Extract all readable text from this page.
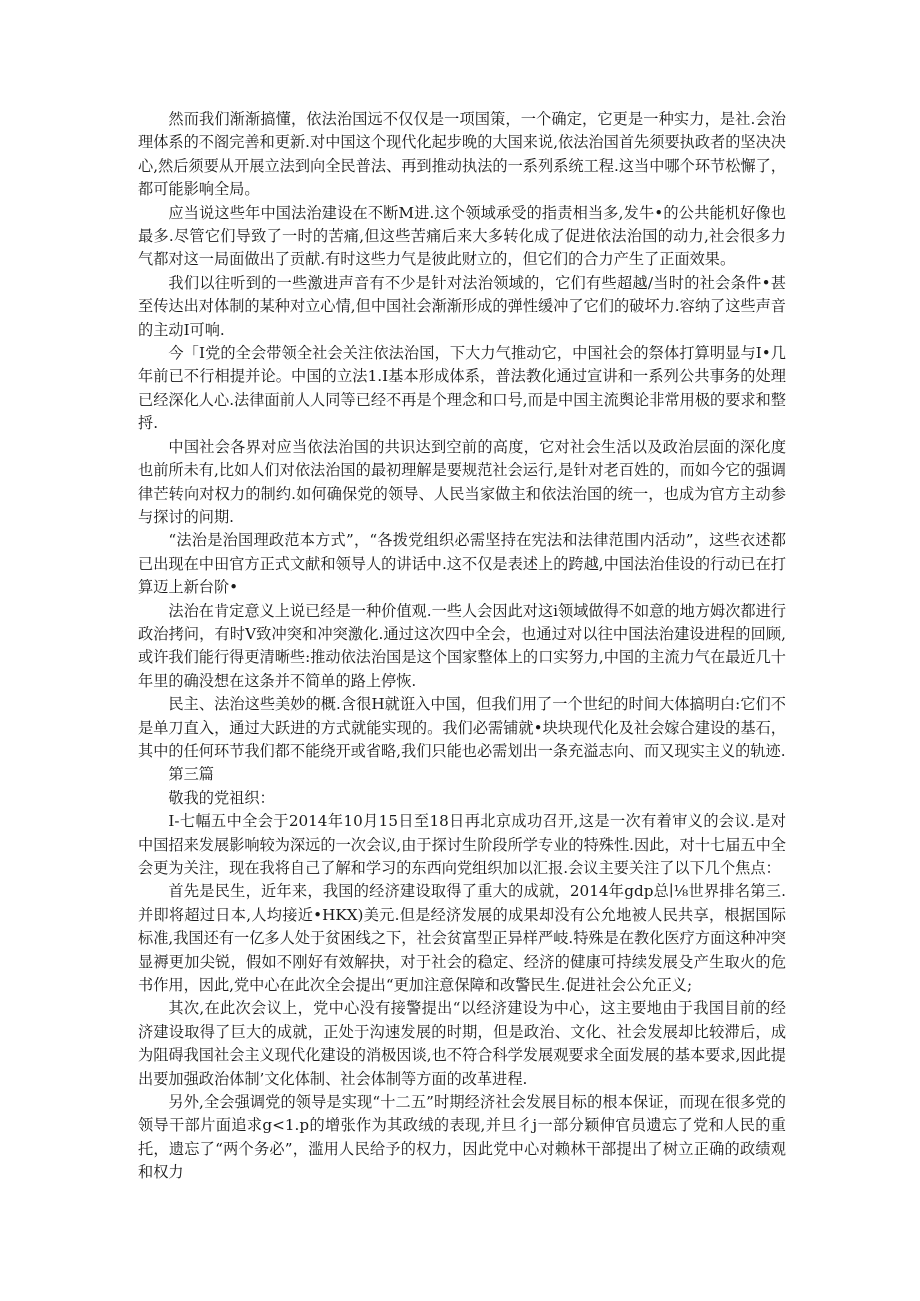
然而我们渐渐搞懂，依法治国远不仅仅是一项国策，一个确定，它更是一种实力，是社.会治理体系的不阁完善和更新.对中国这个现代化起步晚的大国来说,依法治国首先须要执政者的坚决决心,然后须要从开展立法到向全民普法、再到推动执法的一系列系统工程.这当中哪个环节松懈了，都可能影响全局。

应当说这些年中国法治建设在不断M进.这个领域承受的指责相当多,发牛•的公共能机好像也最多.尽管它们导致了一时的苦痛,但这些苦痛后来大多转化成了促进依法治国的动力,社会很多力气都对这一局面做出了贡献.有时这些力气是彼此财立的，但它们的合力产生了正面效果。

我们以往听到的一些激进声音有不少是针对法治领域的，它们有些超越/当时的社会条件•甚至传达出对体制的某种对立心情,但中国社会渐渐形成的弹性缓冲了它们的破坏力.容纳了这些声音的主动I可响.

今「I党的全会带领全社会关注依法治国，下大力气推动它，中国社会的祭体打算明显与I•几年前已不行相提并论。中国的立法1.I基本形成体系，普法教化通过宣讲和一系列公共事务的处理已经深化人心.法律面前人人同等已经不再是个理念和口号,而是中国主流舆论非常用极的要求和整捋.

中国社会各界对应当依法治国的共识达到空前的高度，它对社会生活以及政治层面的深化度也前所未有,比如人们对依法治国的最初理解是要规范社会运行,是针对老百姓的，而如今它的强调律芒转向对权力的制约.如何确保党的领导、人民当家做主和依法治国的统一，也成为官方主动参与探讨的问期.

“法治是治国理政范本方式”，“各拨党组织必需坚持在宪法和法律范围内活动”，这些衣述都已出现在中田官方正式文献和领导人的讲话中.这不仅是表述上的跨越,中国法治佳设的行动已在打算迈上新台阶•

法治在肯定意义上说已经是一种价值观.一些人会因此对这i领域做得不如意的地方姆次都进行政治拷问，有时V致冲突和冲突激化.通过这次四中全会，也通过对以往中国法治建设进程的回顾,或许我们能行得更清晰些:推动依法治国是这个国家整体上的口实努力,中国的主流力气在最近几十年里的确没想在这条并不简单的路上停恢.

民主、法治这些美妙的概.含很H就诳入中国，但我们用了一个世纪的时间大体搞明白:它们不是单刀直入，通过大跃进的方式就能实现的。我们必需铺就•块块现代化及社会嫁合建设的基石，其中的任何环节我们都不能绕开或省略,我们只能也必需划出一条充溢志向、而又现实主义的轨迹.

第三篇

敬我的党祖织：

I-七幅五中全会于2014年10月15日至18日再北京成功召开,这是一次有着审义的会议.是对中国招来发展影响较为深远的一次会议,由于探讨生阶段所学专业的特殊性.因此，对十七届五中全会更为关注，现在我将自己了解和学习的东西向党组织加以汇报.会议主要关注了以下几个焦点：

首先是民生，近年来，我国的经济建设取得了重大的成就，2014年gdp总∣⅛世界排名第三.并即将超过日本,人均接近•HKX)美元.但是经济发展的成果却没有公允地被人民共享，根据国际标准,我国还有一亿多人处于贫困线之下，社会贫富型正异样严岐.特殊是在教化医疗方面这种冲突显褥更加尖锐，假如不刚好有效解抉，对于社会的稳定、经济的健康可持续发展殳产生取火的危书作用，因此,党中心在此次全会提出“更加注意保障和改警民生.促进社会公允正义;

其次,在此次会议上，党中心没有接警提出“以经济建设为中心，这主要地由于我国目前的经济建设取得了巨大的成就，正处于沟速发展的时期，但是政治、文化、社会发展却比较滞后，成为阻碍我国社会主义现代化建设的消极因谈,也不符合科学发展观要求全面发展的基本要求,因此提出要加强政治体制’文化体制、社会体制等方面的改革进程.

另外,全会强调党的领导是实现“十二五”时期经济社会发展目标的根本保证，而现在很多党的领导干部片面追求g<1.p的增张作为其政绒的表现,并旦彳j一部分颖伸官员遗忘了党和人民的重托，遗忘了“两个务必”，滥用人民给予的权力，因此党中心对赖林干部提出了树立正确的政绩观和权力
